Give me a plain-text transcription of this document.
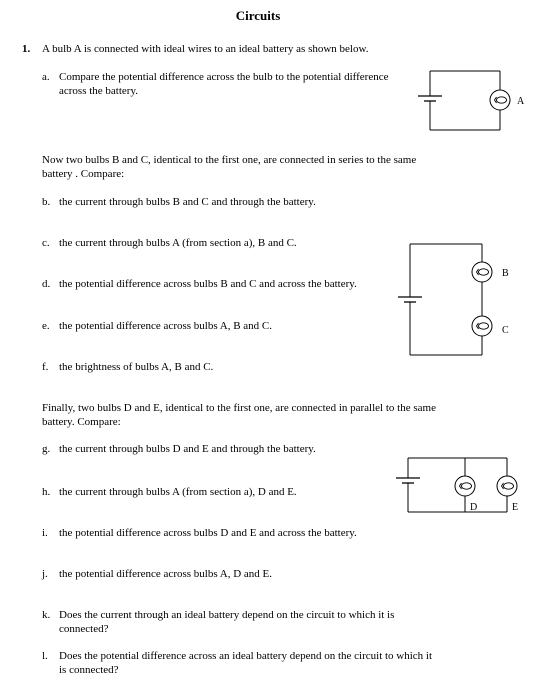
Circuits
1. A bulb A is connected with ideal wires to an ideal battery as shown below.
a. Compare the potential difference across the bulb to the potential difference
across the battery.
A
Now two bulbs B and C, identical to the first one, are connected in series to the same
battery . Compare:
b. the current through bulbs B and C and through the battery.
c. the current through bulbs A (from section a), B and C.
B
C
d. the potential difference across bulbs B and C and across the battery.
e. the potential difference across bulbs A, B and C.
f. the brightness of bulbs A, B and C.
Finally, two bulbs D and E, identical to the first one, are connected in parallel to the same
battery. Compare:
g. the current through bulbs D and E and through the battery.
D	E
h. the current through bulbs A (from section a), D and E.
i. the potential difference across bulbs D and E and across the battery.
j. the potential difference across bulbs A, D and E.
k. Does the current through an ideal battery depend on the circuit to which it is
connected?
l. Does the potential difference across an ideal battery depend on the circuit to which it
is connected?
